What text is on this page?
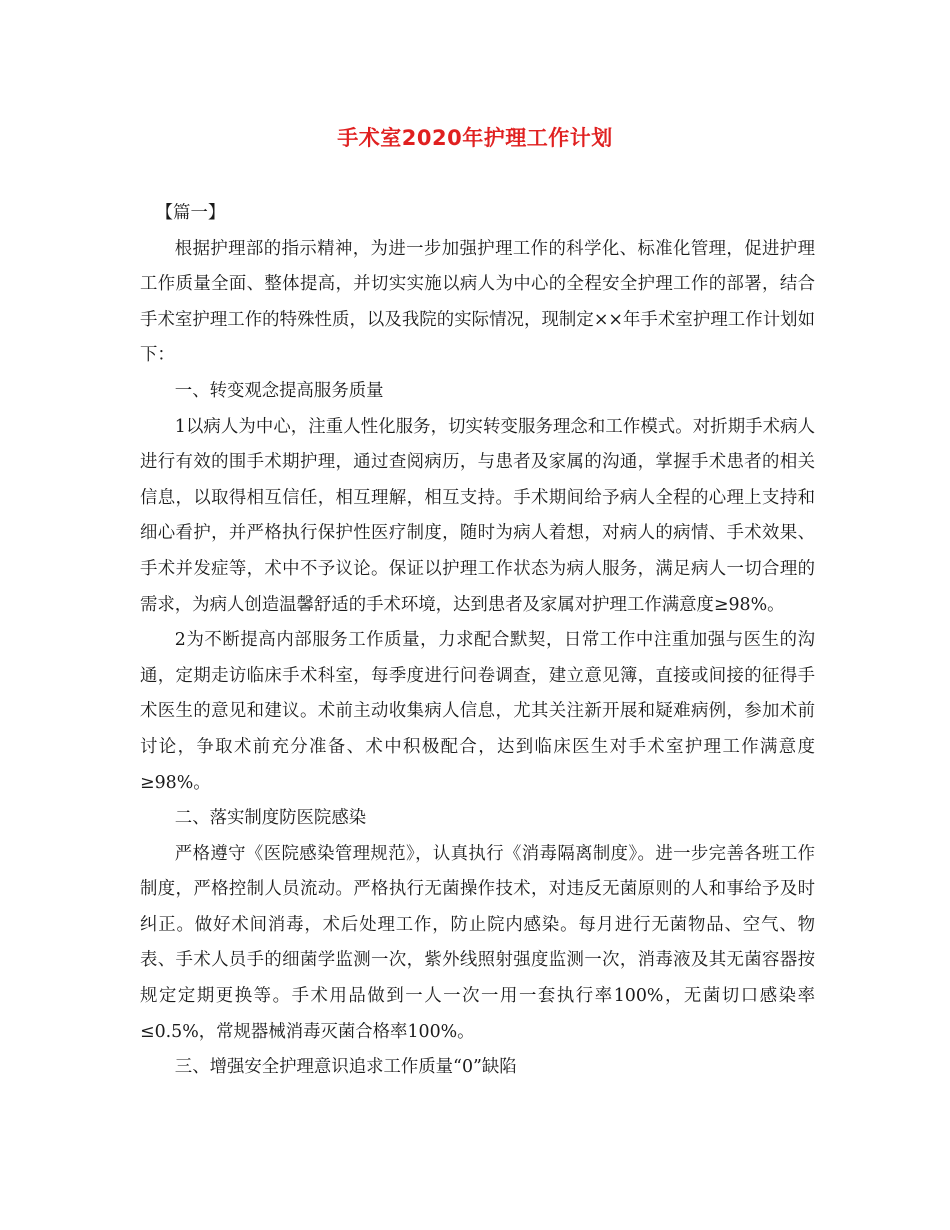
手术室2020年护理工作计划

【篇一】

根据护理部的指示精神，为进一步加强护理工作的科学化、标准化管理，促进护理工作质量全面、整体提高，并切实实施以病人为中心的全程安全护理工作的部署，结合手术室护理工作的特殊性质，以及我院的实际情况，现制定××年手术室护理工作计划如下：

一、转变观念提高服务质量

1以病人为中心，注重人性化服务，切实转变服务理念和工作模式。对折期手术病人进行有效的围手术期护理，通过查阅病历，与患者及家属的沟通，掌握手术患者的相关信息，以取得相互信任，相互理解，相互支持。手术期间给予病人全程的心理上支持和细心看护，并严格执行保护性医疗制度，随时为病人着想，对病人的病情、手术效果、手术并发症等，术中不予议论。保证以护理工作状态为病人服务，满足病人一切合理的需求，为病人创造温馨舒适的手术环境，达到患者及家属对护理工作满意度≥98%。

2为不断提高内部服务工作质量，力求配合默契，日常工作中注重加强与医生的沟通，定期走访临床手术科室，每季度进行问卷调查，建立意见簿，直接或间接的征得手术医生的意见和建议。术前主动收集病人信息，尤其关注新开展和疑难病例，参加术前讨论，争取术前充分准备、术中积极配合，达到临床医生对手术室护理工作满意度≥98%。

二、落实制度防医院感染

严格遵守《医院感染管理规范》，认真执行《消毒隔离制度》。进一步完善各班工作制度，严格控制人员流动。严格执行无菌操作技术，对违反无菌原则的人和事给予及时纠正。做好术间消毒，术后处理工作，防止院内感染。每月进行无菌物品、空气、物表、手术人员手的细菌学监测一次，紫外线照射强度监测一次，消毒液及其无菌容器按规定定期更换等。手术用品做到一人一次一用一套执行率100%，无菌切口感染率≤0.5%，常规器械消毒灭菌合格率100%。

三、增强安全护理意识追求工作质量“0”缺陷
